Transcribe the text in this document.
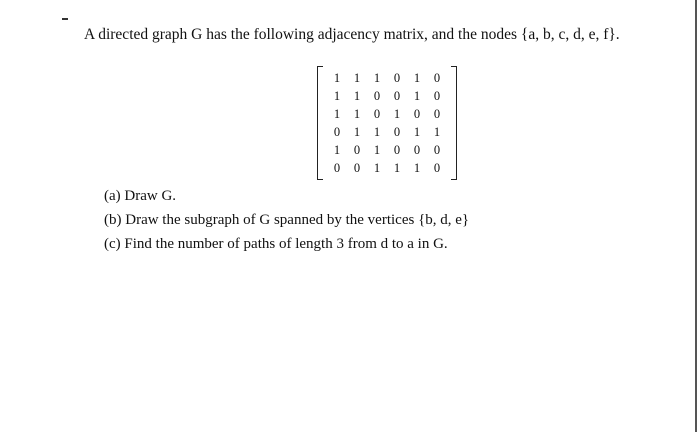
A directed graph G has the following adjacency matrix, and the nodes {a, b, c, d, e, f}.
1	1	1	0	1	0
1	1	0	0	1	0
1	1	0	1	0	0
0	1	1	0	1	1
1	0	1	0	0	0
0	0	1	1	1	0
(a) Draw G.
(b) Draw the subgraph of G spanned by the vertices {b, d, e}
(c) Find the number of paths of length 3 from d to a in G.
